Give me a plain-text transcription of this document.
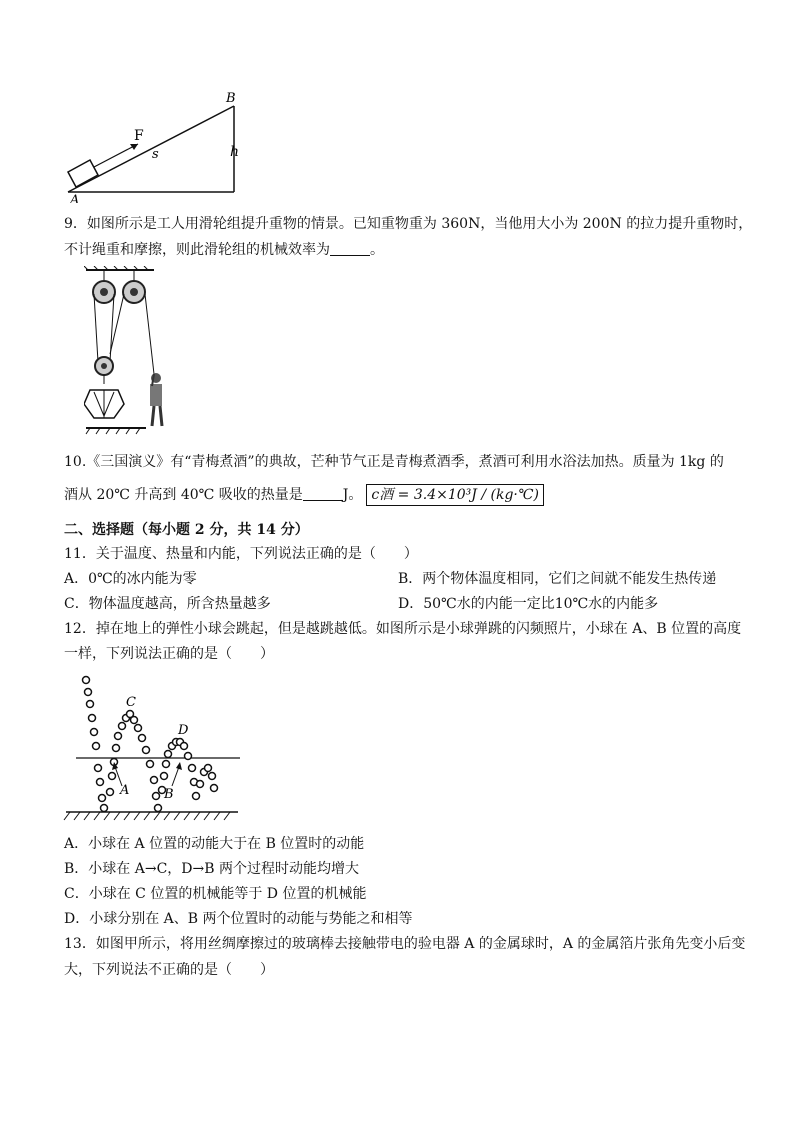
B
F
s	h
A
9．如图所示是工人用滑轮组提升重物的情景。已知重物重为 360N，当他用大小为 200N 的拉力提升重物时，
不计绳重和摩擦，则此滑轮组的机械效率为	。
10.《三国演义》有“青梅煮酒”的典故，芒种节气正是青梅煮酒季，煮酒可利用水浴法加热。质量为 1kg 的
酒从 20℃ 升高到 40℃ 吸收的热量是	J。 c酒 = 3.4×10³J / (kg·℃)
二、选择题（每小题 2 分，共 14 分）
11．关于温度、热量和内能，下列说法正确的是（　　）
A．0℃的冰内能为零	B．两个物体温度相同，它们之间就不能发生热传递
C．物体温度越高，所含热量越多	D．50℃水的内能一定比10℃水的内能多
12．掉在地上的弹性小球会跳起，但是越跳越低。如图所示是小球弹跳的闪频照片，小球在 A、B 位置的高度
一样，下列说法正确的是（　　）
C
D
A	B
A．小球在 A 位置的动能大于在 B 位置时的动能
B．小球在 A→C，D→B 两个过程时动能均增大
C．小球在 C 位置的机械能等于 D 位置的机械能
D．小球分别在 A、B 两个位置时的动能与势能之和相等
13．如图甲所示，将用丝绸摩擦过的玻璃棒去接触带电的验电器 A 的金属球时，A 的金属箔片张角先变小后变
大，下列说法不正确的是（　　）
